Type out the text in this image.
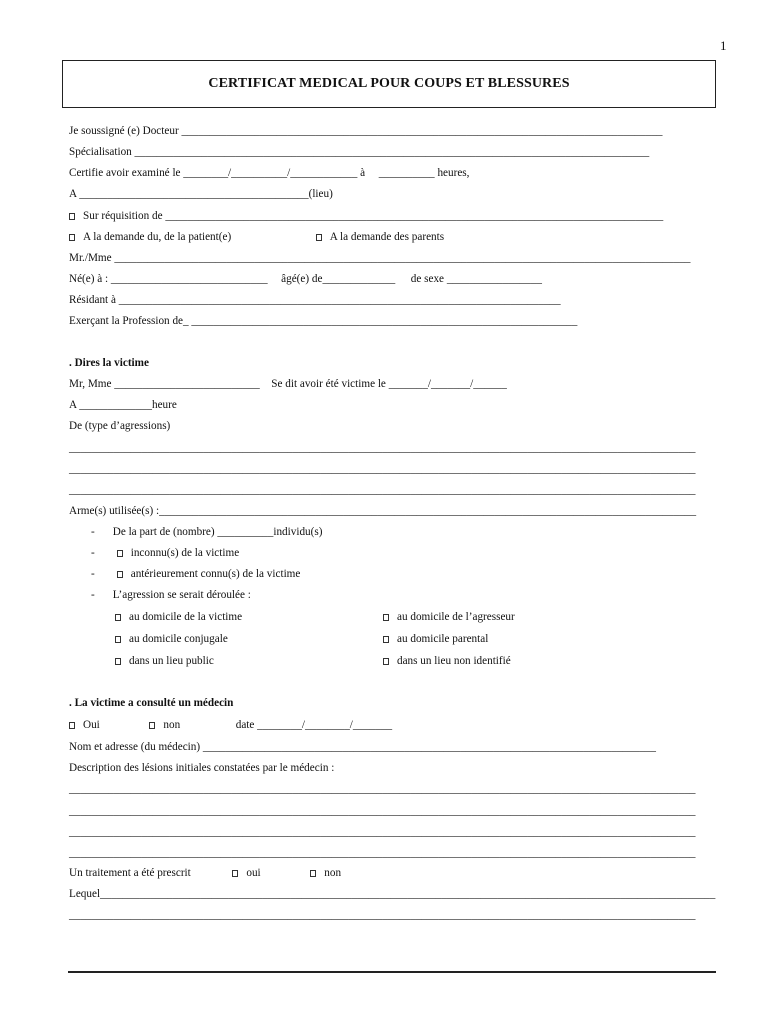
1
CERTIFICAT MEDICAL POUR COUPS ET BLESSURES
Je soussigné (e) Docteur ______________________________________________________________________________________
Spécialisation ____________________________________________________________________________________________
Certifie avoir examiné le ________/__________/____________ à __________ heures,
A _________________________________________(lieu)
Sur réquisition de _________________________________________________________________________________________
A la demande du, de la patient(e)	A la demande des parents
Mr./Mme _______________________________________________________________________________________________________
Né(e) à : ____________________________ âgé(e) de_____________ de sexe _________________
Résidant à _______________________________________________________________________________
Exerçant la Profession de_ _____________________________________________________________________
. Dires la victime
Mr, Mme __________________________ Se dit avoir été victime le _______/_______/______
A _____________heure
De (type d’agressions)
________________________________________________________________________________________________________________
________________________________________________________________________________________________________________
________________________________________________________________________________________________________________
Arme(s) utilisée(s) :________________________________________________________________________________________________
- De la part de (nombre) __________individu(s)
-	inconnu(s) de la victime
-	antérieurement connu(s) de la victime
- L’agression se serait déroulée :
au domicile de la victime	au domicile de l’agresseur
au domicile conjugale	au domicile parental
dans un lieu public	dans un lieu non identifié
. La victime a consulté un médecin
Oui	non	date ________/________/_______
Nom et adresse (du médecin) _________________________________________________________________________________
Description des lésions initiales constatées par le médecin :
________________________________________________________________________________________________________________
________________________________________________________________________________________________________________
________________________________________________________________________________________________________________
________________________________________________________________________________________________________________
Un traitement a été prescrit	oui	non
Lequel______________________________________________________________________________________________________________
________________________________________________________________________________________________________________
